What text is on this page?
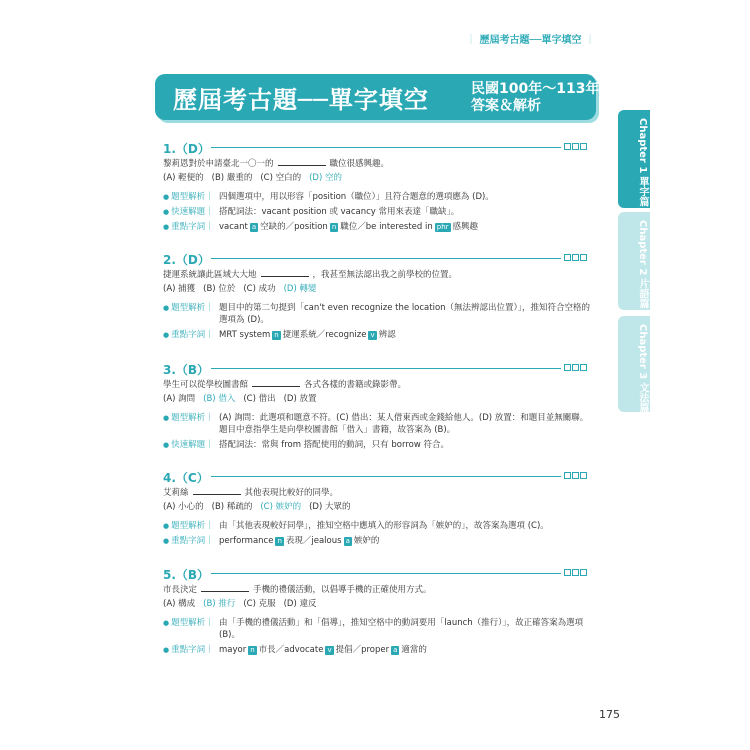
｜ 歷屆考古題──單字填空 ｜
歷屆考古題──單字填空	民國100年～113年
答案＆解析
Chapter 1 單字篇
Chapter 2 片語篇
Chapter 3 文法篇
1.（D）
黎莉恩對於申請臺北一〇一的	職位很感興趣。
(A) 輕便的 (B) 嚴重的 (C) 空白的 (D) 空的
● 題型解析｜ 四個選項中，用以形容「position（職位）」且符合題意的選項應為 (D)。
● 快速解題｜ 搭配詞法：vacant position 或 vacancy 常用來表達「職缺」。
● 重點字詞｜ vacant a 空缺的／position n 職位／be interested in phr 感興趣
2.（D）
捷運系統讓此區域大大地	，我甚至無法認出我之前學校的位置。
(A) 捕獲 (B) 位於 (C) 成功 (D) 轉變
● 題型解析｜ 題目中的第二句提到「can't even recognize the location（無法辨認出位置）」，推知符合空格的選項為 (D)。
● 重點字詞｜ MRT system n 捷運系統／recognize v 辨認
3.（B）
學生可以從學校圖書館	各式各樣的書籍或錄影帶。
(A) 詢問 (B) 借入 (C) 借出 (D) 放置
● 題型解析｜ (A) 詢問：此選項和題意不符。(C) 借出：某人借東西或金錢給他人。(D) 放置：和題目並無關聯。題目中意指學生是向學校圖書館「借入」書籍，故答案為 (B)。
● 快速解題｜ 搭配詞法：常與 from 搭配使用的動詞，只有 borrow 符合。
4.（C）
艾莉絲	其他表現比較好的同學。
(A) 小心的 (B) 稀疏的 (C) 嫉妒的 (D) 大眾的
● 題型解析｜ 由「其他表現較好同學」，推知空格中應填入的形容詞為「嫉妒的」，故答案為選項 (C)。
● 重點字詞｜ performance n 表現／jealous a 嫉妒的
5.（B）
市長決定	手機的禮儀活動，以倡導手機的正確使用方式。
(A) 構成 (B) 推行 (C) 克服 (D) 違反
● 題型解析｜ 由「手機的禮儀活動」和「倡導」，推知空格中的動詞要用「launch（推行）」，故正確答案為選項 (B)。
● 重點字詞｜ mayor n 市長／advocate v 提倡／proper a 適當的
175
